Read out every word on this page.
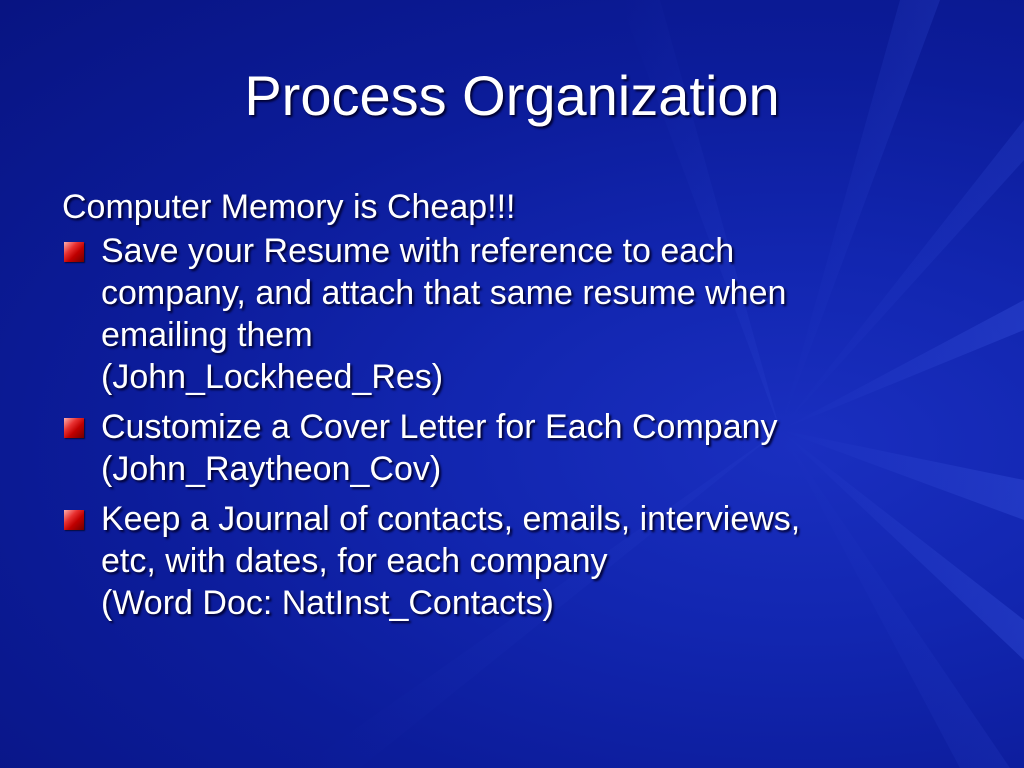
Process Organization
Computer Memory is Cheap!!!
Save your Resume with reference to each
company, and attach that same resume when
emailing them
(John_Lockheed_Res)
Customize a Cover Letter for Each Company
(John_Raytheon_Cov)
Keep a Journal of contacts, emails, interviews,
etc, with dates, for each company
(Word Doc: NatInst_Contacts)
